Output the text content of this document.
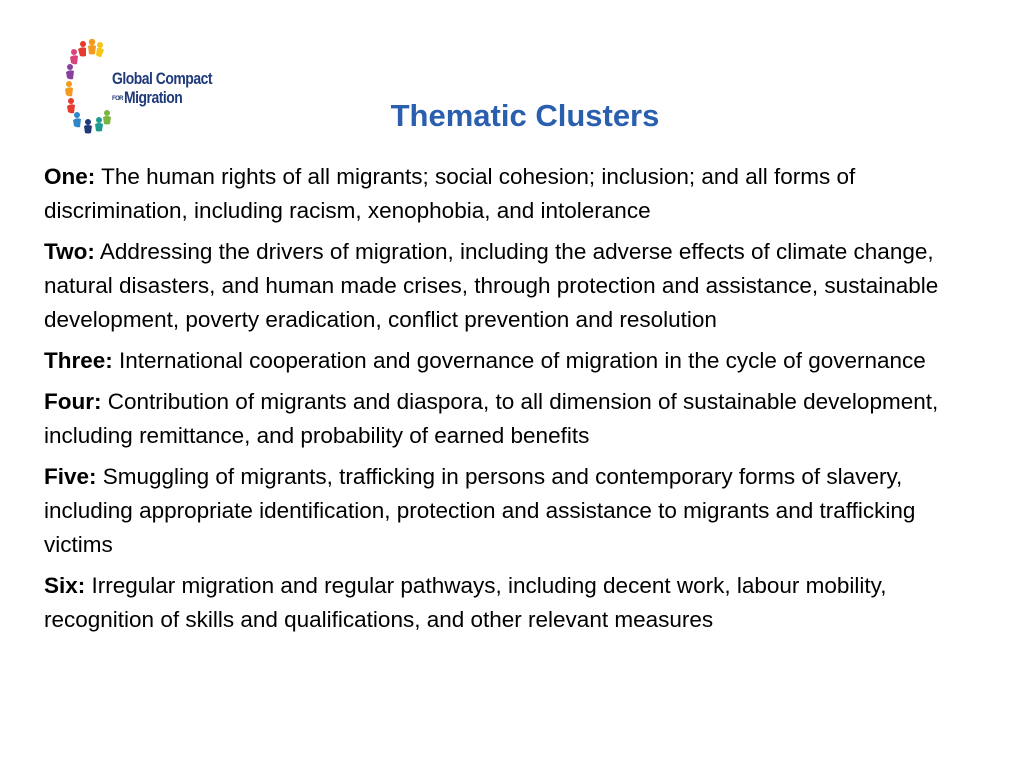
Global Compact
FORMigration
Thematic Clusters
One: The human rights of all migrants; social cohesion; inclusion; and all forms of discrimination, including racism, xenophobia, and intolerance
Two: Addressing the drivers of migration, including the adverse effects of climate change, natural disasters, and human made crises, through protection and assistance, sustainable development, poverty eradication, conflict prevention and resolution
Three: International cooperation and governance of migration in the cycle of governance
Four: Contribution of migrants and diaspora, to all dimension of sustainable development, including remittance, and probability of earned benefits
Five: Smuggling of migrants, trafficking in persons and contemporary forms of slavery, including appropriate identification, protection and assistance to migrants and trafficking victims
Six: Irregular migration and regular pathways, including decent work, labour mobility, recognition of skills and qualifications, and other relevant measures
